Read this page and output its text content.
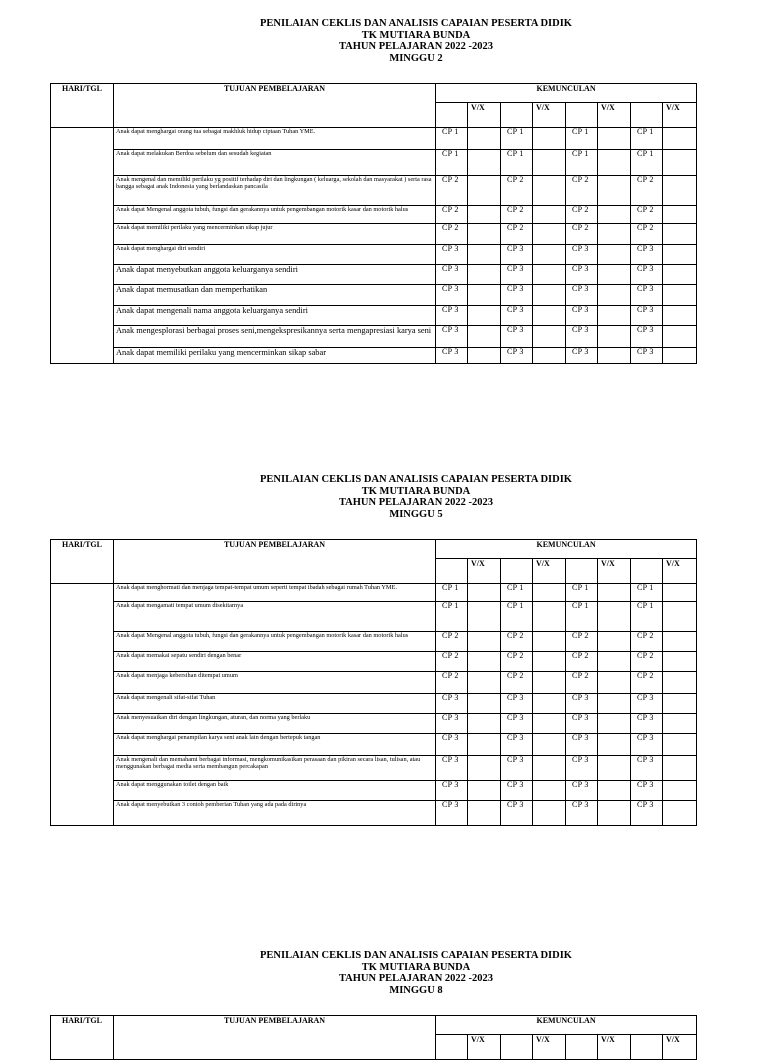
PENILAIAN CEKLIS DAN ANALISIS CAPAIAN PESERTA DIDIK
TK MUTIARA BUNDA
TAHUN PELAJARAN 2022 -2023
MINGGU 2
HARI/TGL	TUJUAN PEMBELAJARAN	KEMUNCULAN							
			V/X		V/X		V/X		V/X
	Anak dapat menghargai orang tua sebagai makhluk hidup ciptaan Tuhan YME.	CP 1		CP 1		CP 1		CP 1	
	Anak dapat melakukan Berdoa sebelum dan sesudah kegiatan	CP 1		CP 1		CP 1		CP 1	
	Anak mengenal dan memiliki perilaku yg positif terhadap diri dan lingkungan ( keluarga, sekolah dan masyarakat ) serta rasa bangga sebagai anak Indonesia yang berlandaskan pancasila	CP 2		CP 2		CP 2		CP 2	
	Anak dapat Mengenal anggota tubuh, fungsi dan gerakannya untuk pengembangan motorik kasar dan motorik halus	CP 2		CP 2		CP 2		CP 2	
	Anak dapat memiliki perilaku yang mencerminkan sikap jujur	CP 2		CP 2		CP 2		CP 2	
	Anak dapat menghargai diri sendiri	CP 3		CP 3		CP 3		CP 3	
	Anak dapat menyebutkan anggota keluarganya sendiri	CP 3		CP 3		CP 3		CP 3	
	Anak dapat memusatkan dan memperhatikan	CP 3		CP 3		CP 3		CP 3	
	Anak dapat mengenali nama anggota keluarganya sendiri	CP 3		CP 3		CP 3		CP 3	
	Anak mengesplorasi berbagai proses seni,mengekspresikannya serta mengapresiasi karya seni	CP 3		CP 3		CP 3		CP 3	
	Anak dapat memiliki perilaku yang mencerminkan sikap sabar	CP 3		CP 3		CP 3		CP 3	
PENILAIAN CEKLIS DAN ANALISIS CAPAIAN PESERTA DIDIK
TK MUTIARA BUNDA
TAHUN PELAJARAN 2022 -2023
MINGGU 5
HARI/TGL	TUJUAN PEMBELAJARAN	KEMUNCULAN							
			V/X		V/X		V/X		V/X
	Anak dapat menghormati dan menjaga tempat-tempat umum seperti tempat ibadah sebagai rumah Tuhan YME.	CP 1		CP 1		CP 1		CP 1	
	Anak dapat mengamati tempat umum disekitarnya	CP 1		CP 1		CP 1		CP 1	
	Anak dapat Mengenal anggota tubuh, fungsi dan gerakannya untuk pengembangan motorik kasar dan motorik halus	CP 2		CP 2		CP 2		CP 2	
	Anak dapat memakai sepatu sendiri dengan benar	CP 2		CP 2		CP 2		CP 2	
	Anak dapat menjaga kebersihan ditempat umum	CP 2		CP 2		CP 2		CP 2	
	Anak dapat mengenali sifat-sifat Tuhan	CP 3		CP 3		CP 3		CP 3	
	Anak menyesuaikan diri dengan lingkungan, aturan, dan norma yang berlaku	CP 3		CP 3		CP 3		CP 3	
	Anak dapat menghargai penampilan karya seni anak lain dengan bertepuk tangan	CP 3		CP 3		CP 3		CP 3	
	Anak mengenali dan memahami berbagai informasi, mengkomunikasikan perasaan dan pikiran secara lisan, tulisan, atau menggunakan berbagai media serta membangun percakapan	CP 3		CP 3		CP 3		CP 3	
	Anak dapat menggunakan toilet dengan baik	CP 3		CP 3		CP 3		CP 3	
	Anak dapat menyebutkan 3 contoh pemberian Tuhan yang ada pada dirinya	CP 3		CP 3		CP 3		CP 3	
PENILAIAN CEKLIS DAN ANALISIS CAPAIAN PESERTA DIDIK
TK MUTIARA BUNDA
TAHUN PELAJARAN 2022 -2023
MINGGU 8
HARI/TGL	TUJUAN PEMBELAJARAN	KEMUNCULAN							
			V/X		V/X		V/X		V/X
